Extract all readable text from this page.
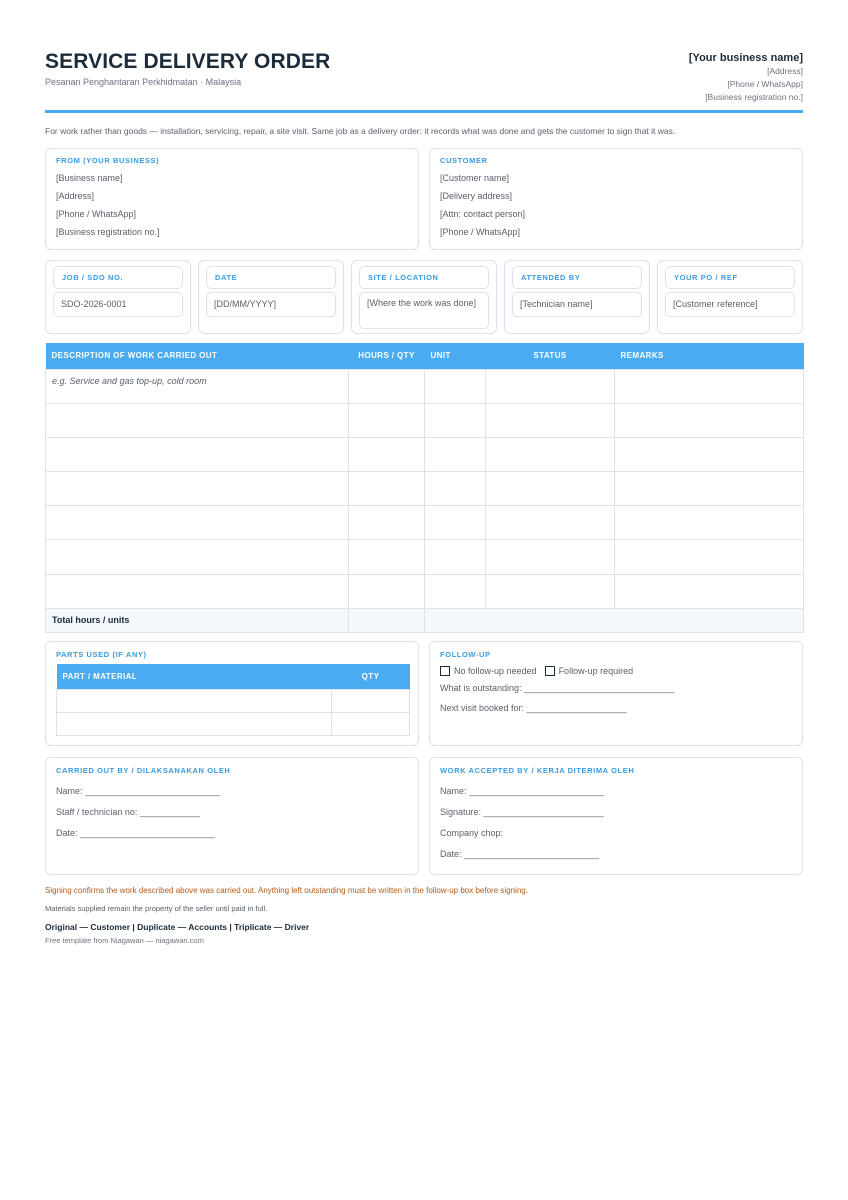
SERVICE DELIVERY ORDER
Pesanan Penghantaran Perkhidmatan · Malaysia
[Your business name]
[Address]
[Phone / WhatsApp]
[Business registration no.]
For work rather than goods — installation, servicing, repair, a site visit. Same job as a delivery order: it records what was done and gets the customer to sign that it was.
FROM (YOUR BUSINESS)
[Business name]
[Address]
[Phone / WhatsApp]
[Business registration no.]
CUSTOMER
[Customer name]
[Delivery address]
[Attn: contact person]
[Phone / WhatsApp]
JOB / SDO NO.
SDO-2026-0001
DATE
[DD/MM/YYYY]
SITE / LOCATION
[Where the work was done]
ATTENDED BY
[Technician name]
YOUR PO / REF
[Customer reference]
DESCRIPTION OF WORK CARRIED OUT	HOURS / QTY	UNIT	STATUS	REMARKS
e.g. Service and gas top-up, cold room				

Total hours / units				
PARTS USED (IF ANY)
PART / MATERIAL	QTY

FOLLOW-UP
No follow-up needed Follow-up required
What is outstanding: ______________________________
Next visit booked for: ____________________
CARRIED OUT BY / DILAKSANAKAN OLEH
Name: ___________________________
Staff / technician no: ____________
Date: ___________________________
WORK ACCEPTED BY / KERJA DITERIMA OLEH
Name: ___________________________
Signature: ________________________
Company chop:
Date: ___________________________
Signing confirms the work described above was carried out. Anything left outstanding must be written in the follow-up box before signing.
Materials supplied remain the property of the seller until paid in full.
Original — Customer | Duplicate — Accounts | Triplicate — Driver
Free template from Niagawan — niagawan.com
